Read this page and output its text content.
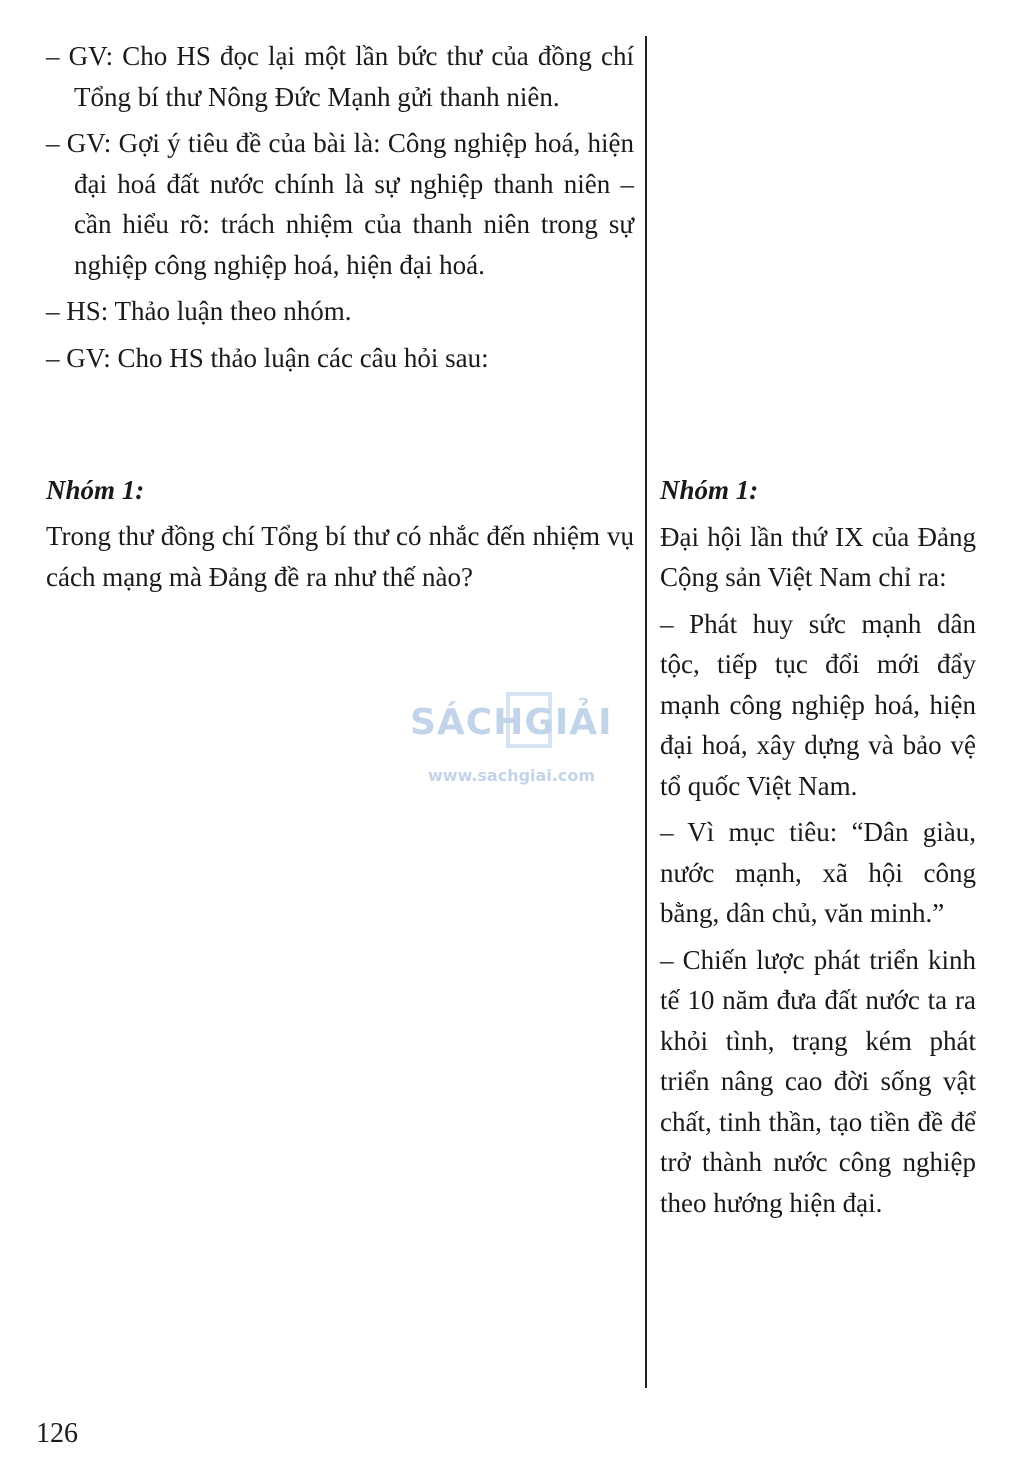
– GV: Cho HS đọc lại một lần bức thư của đồng chí Tổng bí thư Nông Đức Mạnh gửi thanh niên.

– GV: Gợi ý tiêu đề của bài là: Công nghiệp hoá, hiện đại hoá đất nước chính là sự nghiệp thanh niên – cần hiểu rõ: trách nhiệm của thanh niên trong sự nghiệp công nghiệp hoá, hiện đại hoá.

– HS: Thảo luận theo nhóm.

– GV: Cho HS thảo luận các câu hỏi sau:

Nhóm 1:
Trong thư đồng chí Tổng bí thư có nhắc đến nhiệm vụ cách mạng mà Đảng đề ra như thế nào?

Nhóm 1:

Đại hội lần thứ IX của Đảng Cộng sản Việt Nam chỉ ra:

– Phát huy sức mạnh dân tộc, tiếp tục đổi mới đẩy mạnh công nghiệp hoá, hiện đại hoá, xây dựng và bảo vệ tổ quốc Việt Nam.

– Vì mục tiêu: “Dân giàu, nước mạnh, xã hội công bằng, dân chủ, văn minh.”

– Chiến lược phát triển kinh tế 10 năm đưa đất nước ta ra khỏi tình, trạng kém phát triển nâng cao đời sống vật chất, tinh thần, tạo tiền đề để trở thành nước công nghiệp theo hướng hiện đại.

SÁCHGIẢI
www.sachgiai.com
126
